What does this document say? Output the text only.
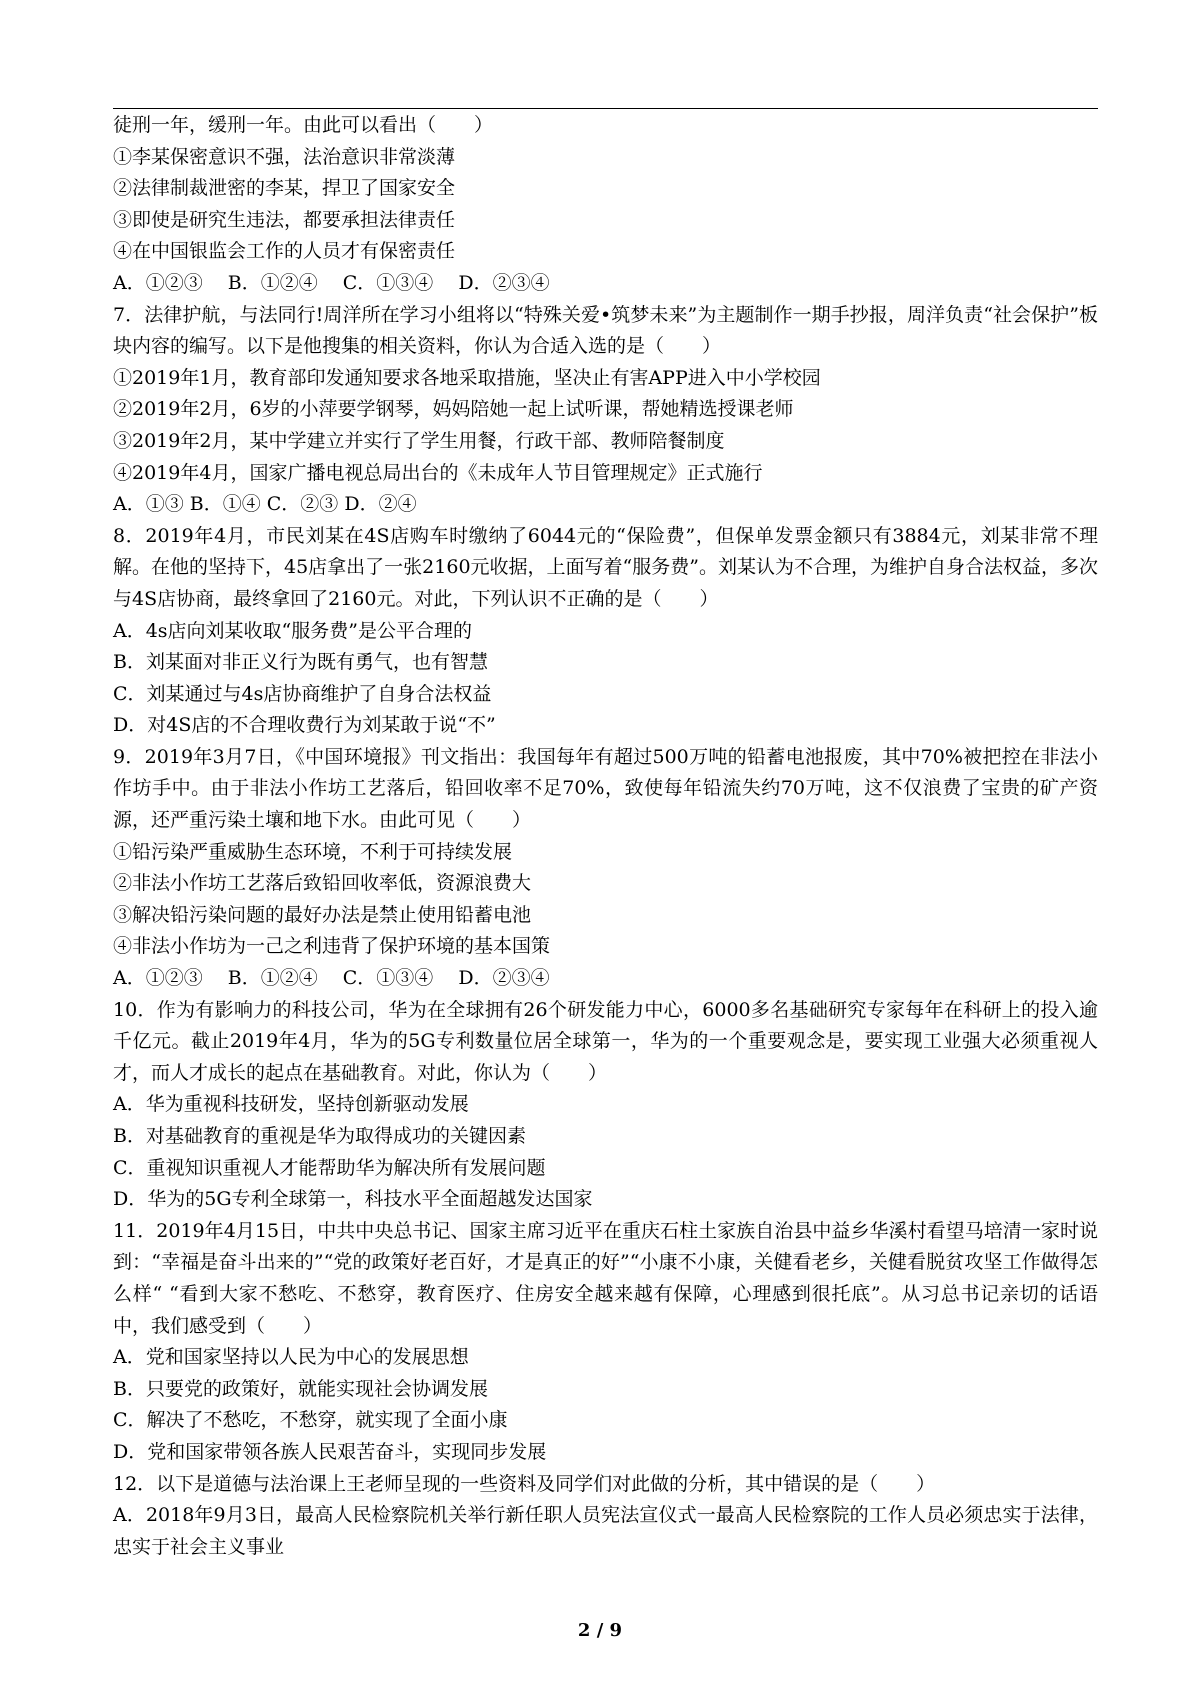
徒刑一年，缓刑一年。由此可以看出（　　）
①李某保密意识不强，法治意识非常淡薄
②法律制裁泄密的李某，捍卫了国家安全
③即使是研究生违法，都要承担法律责任
④在中国银监会工作的人员才有保密责任
A．①②③　 B．①②④　 C．①③④　 D．②③④
7．法律护航，与法同行!周洋所在学习小组将以“特殊关爱•筑梦未来”为主题制作一期手抄报，周洋负责“社会保护”板块内容的编写。以下是他搜集的相关资料，你认为合适入选的是（　　）
①2019年1月，教育部印发通知要求各地采取措施，坚决止有害APP进入中小学校园
②2019年2月，6岁的小萍要学钢琴，妈妈陪她一起上试听课，帮她精选授课老师
③2019年2月，某中学建立并实行了学生用餐，行政干部、教师陪餐制度
④2019年4月，国家广播电视总局出台的《未成年人节目管理规定》正式施行
A．①③ B．①④ C．②③ D．②④
8．2019年4月，市民刘某在4S店购车时缴纳了6044元的“保险费”，但保单发票金额只有3884元，刘某非常不理解。在他的坚持下，45店拿出了一张2160元收据，上面写着“服务费”。刘某认为不合理，为维护自身合法权益，多次与4S店协商，最终拿回了2160元。对此，下列认识不正确的是（　　）
A．4s店向刘某收取“服务费”是公平合理的
B．刘某面对非正义行为既有勇气，也有智慧
C．刘某通过与4s店协商维护了自身合法权益
D．对4S店的不合理收费行为刘某敢于说“不”
9．2019年3月7日，《中国环境报》刊文指出：我国每年有超过500万吨的铅蓄电池报废，其中70%被把控在非法小作坊手中。由于非法小作坊工艺落后，铅回收率不足70%，致使每年铅流失约70万吨，这不仅浪费了宝贵的矿产资源，还严重污染土壤和地下水。由此可见（　　）
①铅污染严重威胁生态环境，不利于可持续发展
②非法小作坊工艺落后致铅回收率低，资源浪费大
③解决铅污染问题的最好办法是禁止使用铅蓄电池
④非法小作坊为一己之利违背了保护环境的基本国策
A．①②③　 B．①②④　 C．①③④　 D．②③④
10．作为有影响力的科技公司，华为在全球拥有26个研发能力中心，6000多名基础研究专家每年在科研上的投入逾千亿元。截止2019年4月，华为的5G专利数量位居全球第一，华为的一个重要观念是，要实现工业强大必须重视人才，而人才成长的起点在基础教育。对此，你认为（　　）
A．华为重视科技研发，坚持创新驱动发展
B．对基础教育的重视是华为取得成功的关键因素
C．重视知识重视人才能帮助华为解决所有发展问题
D．华为的5G专利全球第一，科技水平全面超越发达国家
11．2019年4月15日，中共中央总书记、国家主席习近平在重庆石柱土家族自治县中益乡华溪村看望马培清一家时说到：“幸福是奋斗出来的”“党的政策好老百好，才是真正的好”“小康不小康，关健看老乡，关健看脱贫攻坚工作做得怎么样“ “看到大家不愁吃、不愁穿，教育医疗、住房安全越来越有保障，心理感到很托底”。从习总书记亲切的话语中，我们感受到（　　）
A．党和国家坚持以人民为中心的发展思想
B．只要党的政策好，就能实现社会协调发展
C．解决了不愁吃，不愁穿，就实现了全面小康
D．党和国家带领各族人民艰苦奋斗，实现同步发展
12．以下是道德与法治课上王老师呈现的一些资料及同学们对此做的分析，其中错误的是（　　）
A．2018年9月3日，最高人民检察院机关举行新任职人员宪法宣仪式一最高人民检察院的工作人员必须忠实于法律，忠实于社会主义事业
2 / 9
